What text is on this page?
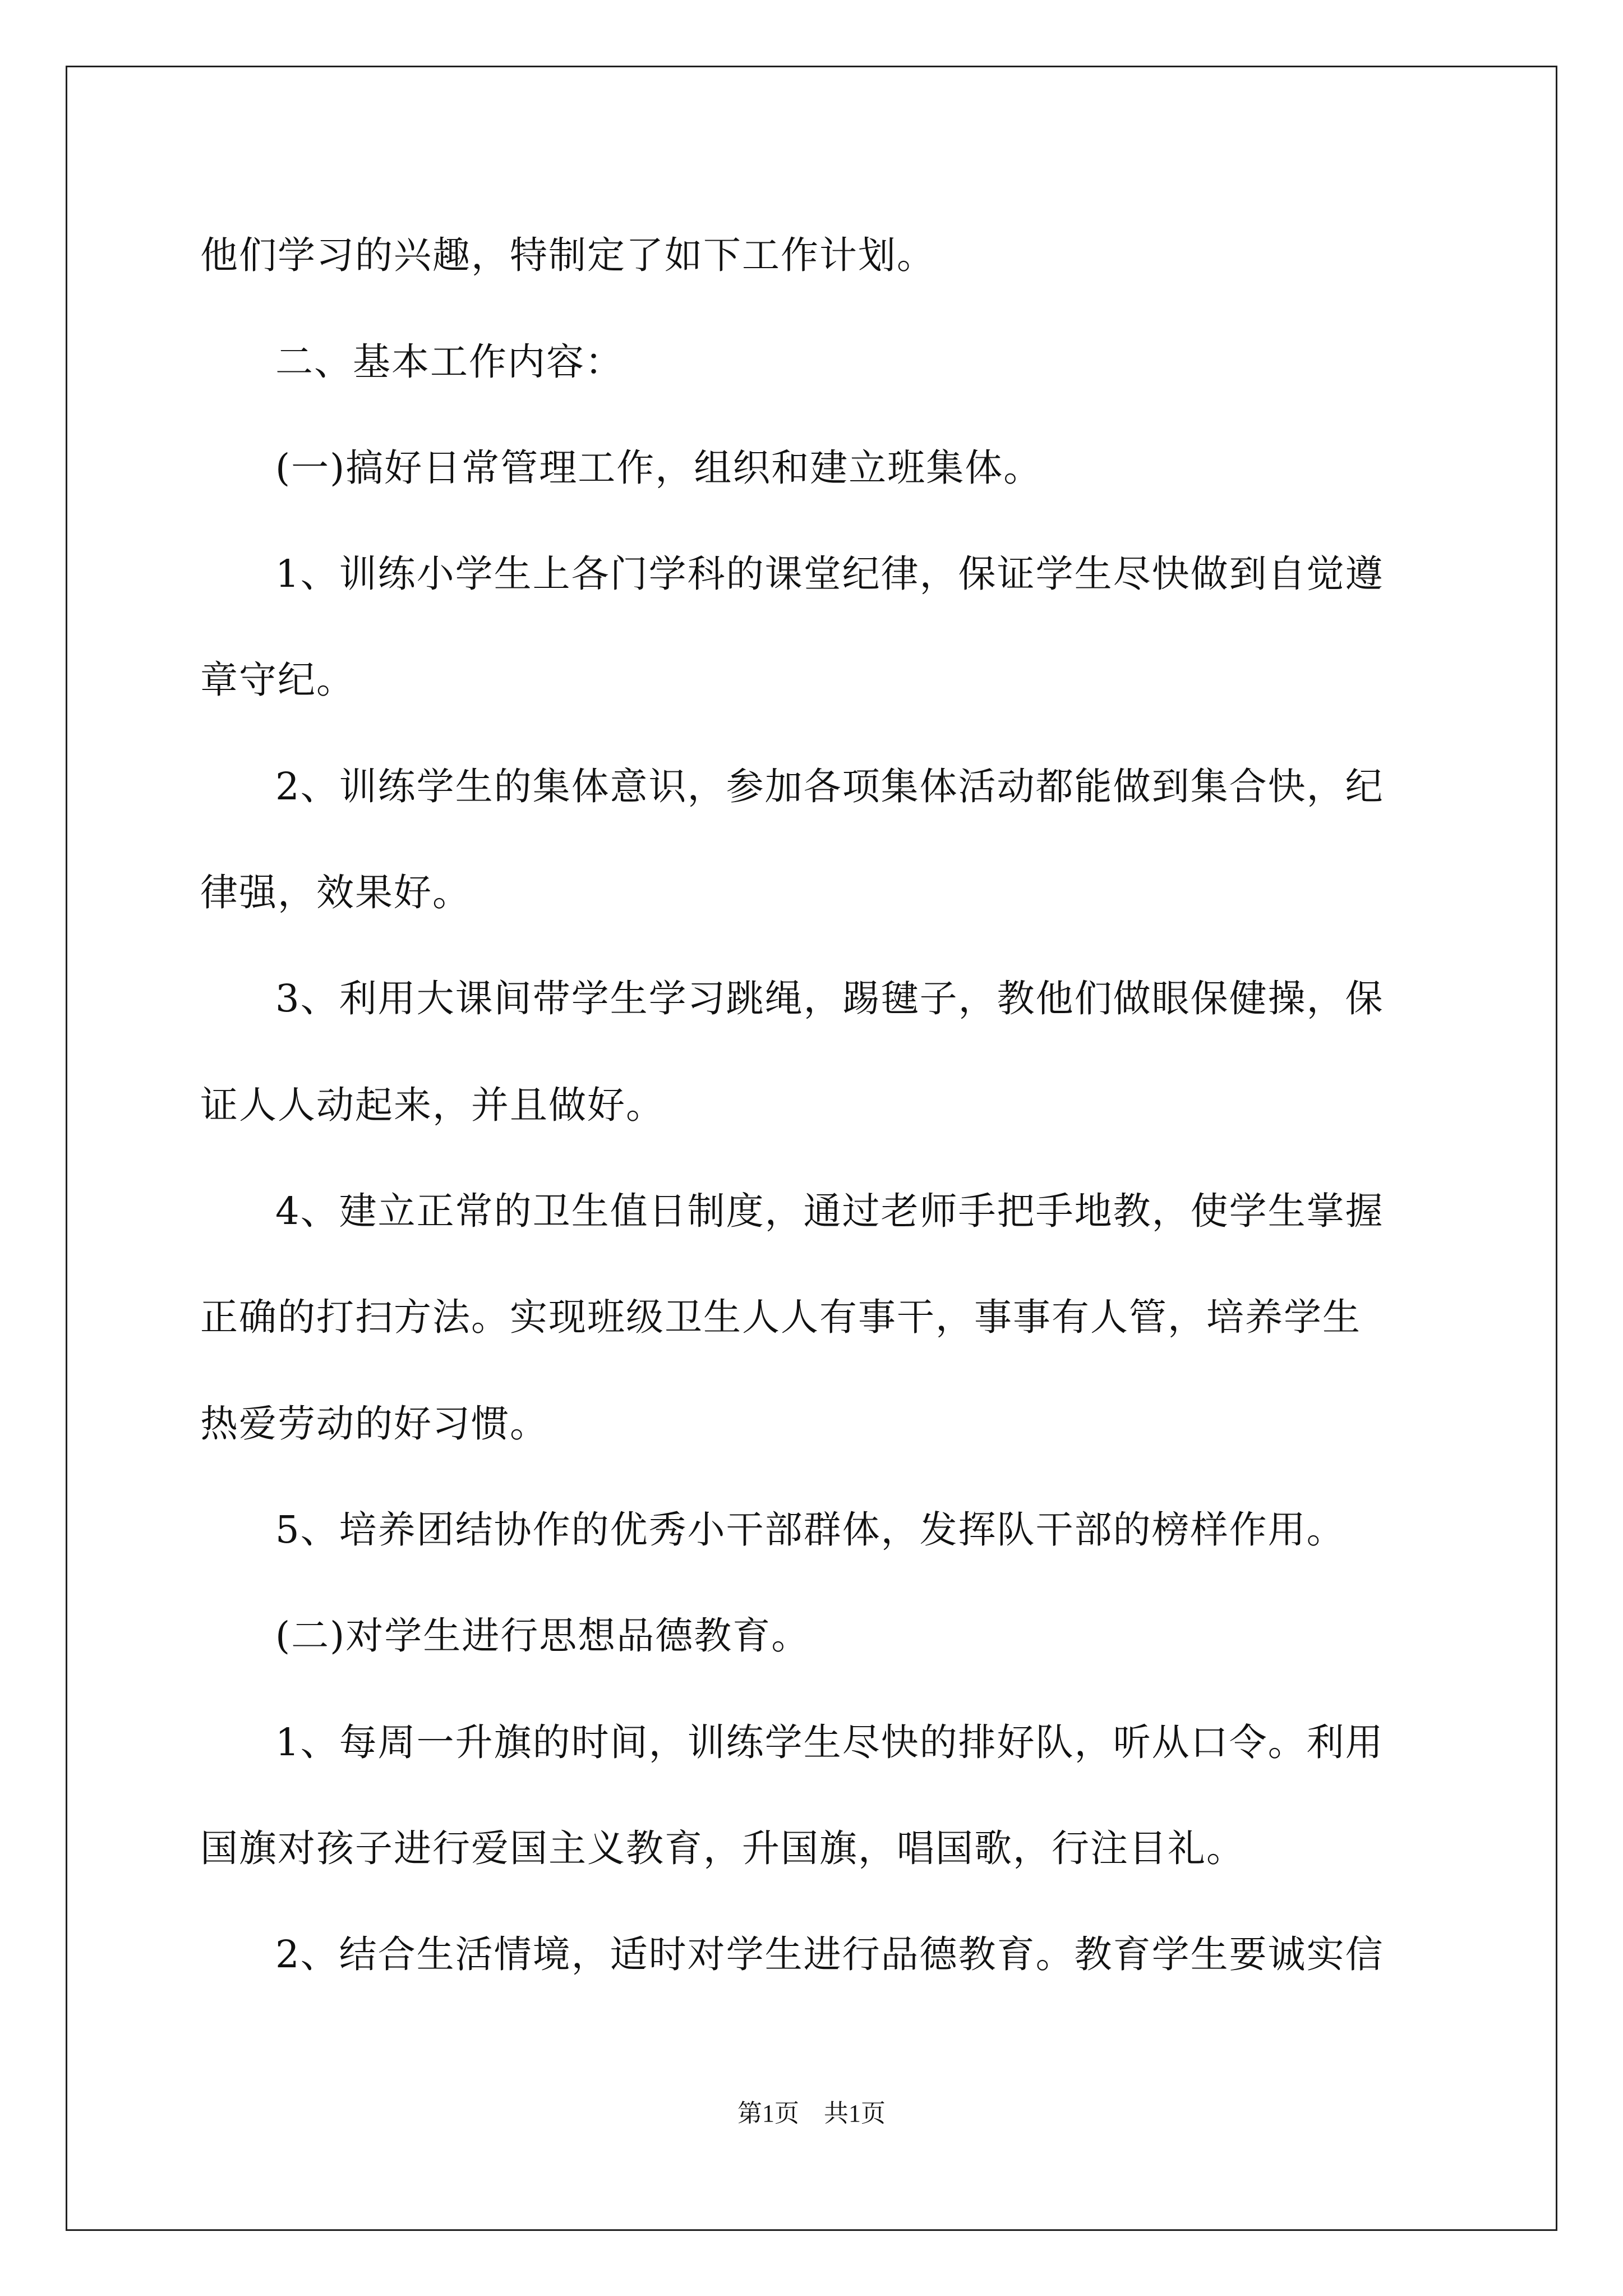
他们学习的兴趣，特制定了如下工作计划。
二、基本工作内容：
(一)搞好日常管理工作，组织和建立班集体。
1、训练小学生上各门学科的课堂纪律，保证学生尽快做到自觉遵
章守纪。
2、训练学生的集体意识，参加各项集体活动都能做到集合快，纪
律强，效果好。
3、利用大课间带学生学习跳绳，踢毽子，教他们做眼保健操，保
证人人动起来，并且做好。
4、建立正常的卫生值日制度，通过老师手把手地教，使学生掌握
正确的打扫方法。实现班级卫生人人有事干，事事有人管，培养学生
热爱劳动的好习惯。
5、培养团结协作的优秀小干部群体，发挥队干部的榜样作用。
(二)对学生进行思想品德教育。
1、每周一升旗的时间，训练学生尽快的排好队，听从口令。利用
国旗对孩子进行爱国主义教育，升国旗，唱国歌，行注目礼。
2、结合生活情境，适时对学生进行品德教育。教育学生要诚实信
第1页　共1页
